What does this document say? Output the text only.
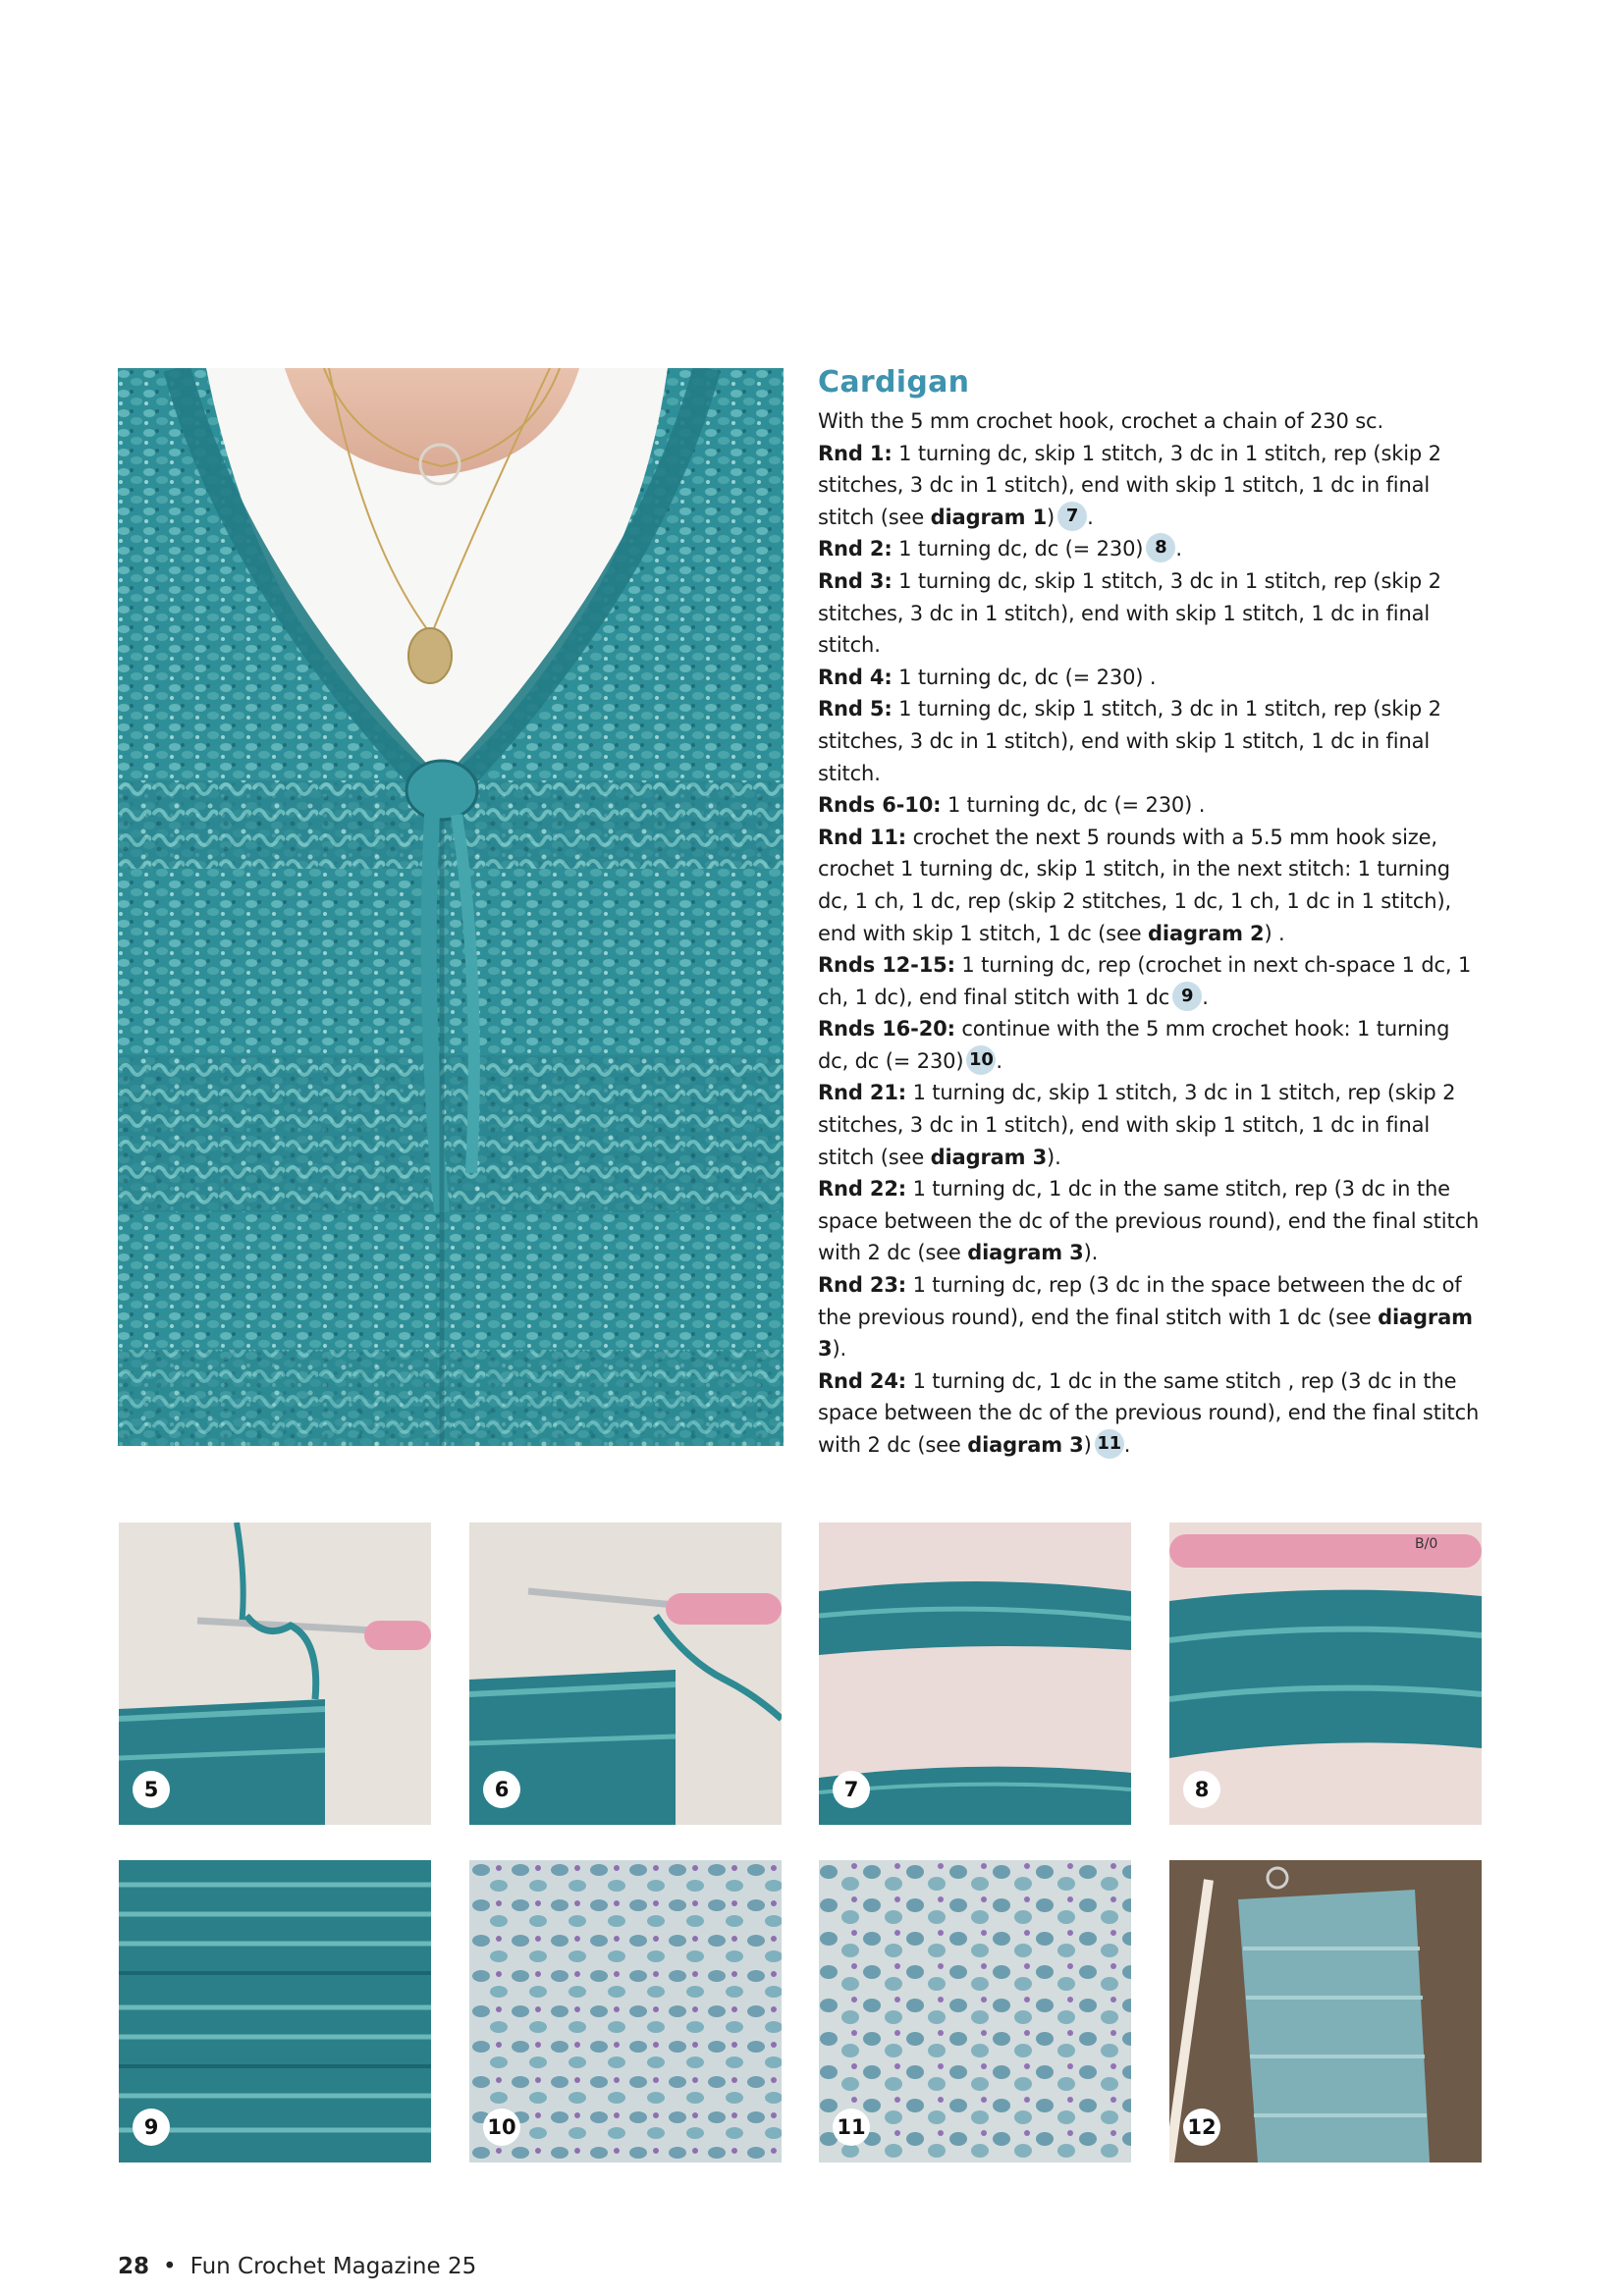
Cardigan

With the 5 mm crochet hook, crochet a chain of 230 sc.

Rnd 1: 1 turning dc, skip 1 stitch, 3 dc in 1 stitch, rep (skip 2 stitches, 3 dc in 1 stitch), end with skip 1 stitch, 1 dc in final stitch (see diagram 1) 7 .

Rnd 2: 1 turning dc, dc (= 230) 8 .

Rnd 3: 1 turning dc, skip 1 stitch, 3 dc in 1 stitch, rep (skip 2 stitches, 3 dc in 1 stitch), end with skip 1 stitch, 1 dc in final stitch.

Rnd 4: 1 turning dc, dc (= 230) .

Rnd 5: 1 turning dc, skip 1 stitch, 3 dc in 1 stitch, rep (skip 2 stitches, 3 dc in 1 stitch), end with skip 1 stitch, 1 dc in final stitch.

Rnds 6-10: 1 turning dc, dc (= 230) .

Rnd 11: crochet the next 5 rounds with a 5.5 mm hook size, crochet 1 turning dc, skip 1 stitch, in the next stitch: 1 turning dc, 1 ch, 1 dc, rep (skip 2 stitches, 1 dc, 1 ch, 1 dc in 1 stitch), end with skip 1 stitch, 1 dc (see diagram 2) .

Rnds 12-15: 1 turning dc, rep (crochet in next ch-space 1 dc, 1 ch, 1 dc), end final stitch with 1 dc 9 .

Rnds 16-20: continue with the 5 mm crochet hook: 1 turning dc, dc (= 230) 10 .

Rnd 21: 1 turning dc, skip 1 stitch, 3 dc in 1 stitch, rep (skip 2 stitches, 3 dc in 1 stitch), end with skip 1 stitch, 1 dc in final stitch (see diagram 3).

Rnd 22: 1 turning dc, 1 dc in the same stitch, rep (3 dc in the space between the dc of the previous round), end the final stitch with 2 dc (see diagram 3).

Rnd 23: 1 turning dc, rep (3 dc in the space between the dc of the previous round), end the final stitch with 1 dc (see diagram 3).

Rnd 24: 1 turning dc, 1 dc in the same stitch , rep (3 dc in the space between the dc of the previous round), end the final stitch with 2 dc (see diagram 3) 11 .

5	6	7
B/0
8
9	10	11	12
28 • Fun Crochet Magazine 25
